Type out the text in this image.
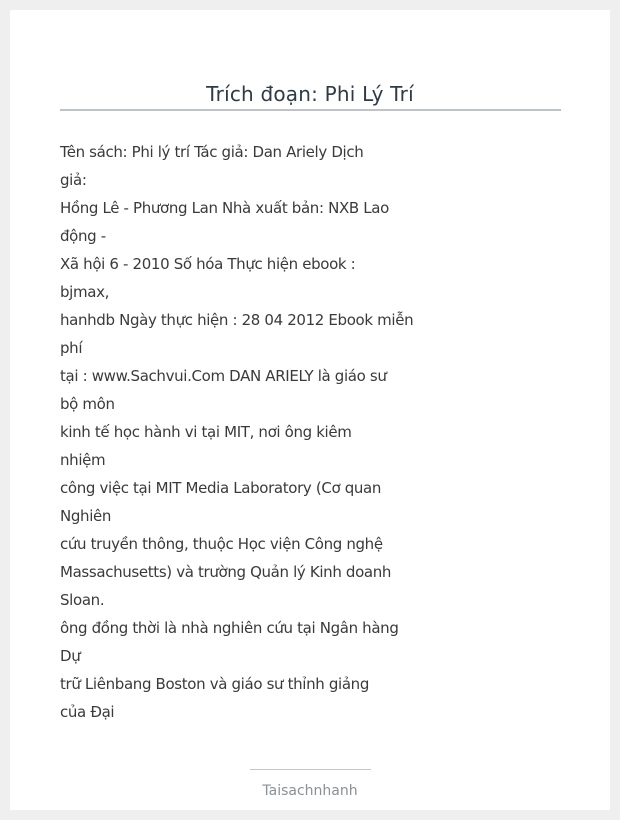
Trích đoạn: Phi Lý Trí
Tên sách: Phi lý trí Tác giả: Dan Ariely Dịch
giả:
Hồng Lê - Phương Lan Nhà xuất bản: NXB Lao
động -
Xã hội 6 - 2010 Số hóa Thực hiện ebook :
bjmax,
hanhdb Ngày thực hiện : 28 04 2012 Ebook miễn
phí
tại : www.Sachvui.Com DAN ARIELY là giáo sư
bộ môn
kinh tế học hành vi tại MIT, nơi ông kiêm
nhiệm
công việc tại MIT Media Laboratory (Cơ quan
Nghiên
cứu truyền thông, thuộc Học viện Công nghệ
Massachusetts) và trường Quản lý Kinh doanh
Sloan.
ông đồng thời là nhà nghiên cứu tại Ngân hàng
Dự
trữ Liênbang Boston và giáo sư thỉnh giảng
của Đại
Taisachnhanh
